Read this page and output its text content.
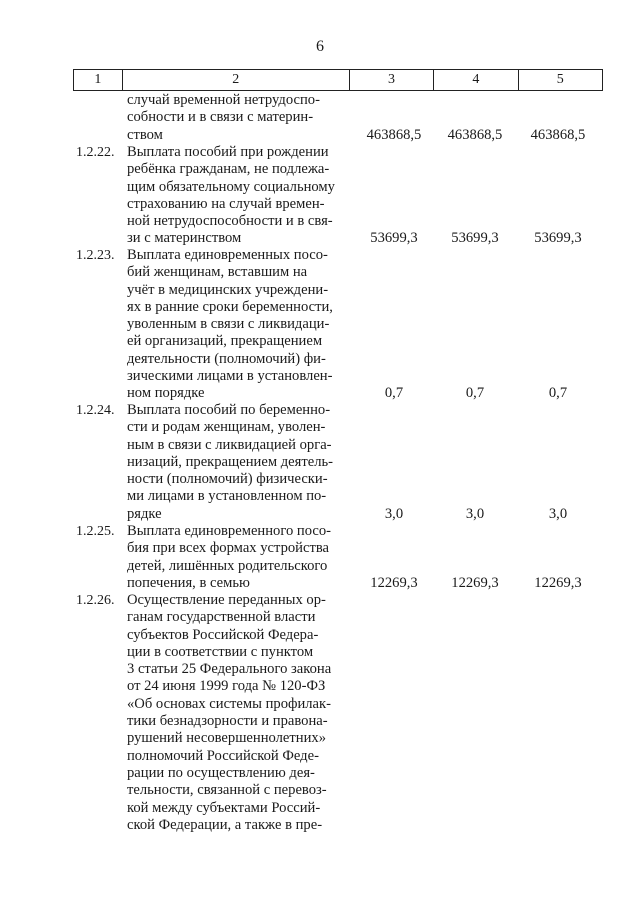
6
1	2	3	4	5
случай временной нетрудоспо-
собности и в связи с материн-
ством	463868,5	463868,5	463868,5
1.2.22. Выплата пособий при рождении
ребёнка гражданам, не подлежа-
щим обязательному социальному
страхованию на случай времен-
ной нетрудоспособности и в свя-
зи с материнством	53699,3	53699,3	53699,3
1.2.23. Выплата единовременных посо-
бий женщинам, вставшим на
учёт в медицинских учреждени-
ях в ранние сроки беременности,
уволенным в связи с ликвидаци-
ей организаций, прекращением
деятельности (полномочий) фи-
зическими лицами в установлен-
ном порядке	0,7	0,7	0,7
1.2.24. Выплата пособий по беременно-
сти и родам женщинам, уволен-
ным в связи с ликвидацией орга-
низаций, прекращением деятель-
ности (полномочий) физически-
ми лицами в установленном по-
рядке	3,0	3,0	3,0
1.2.25. Выплата единовременного посо-
бия при всех формах устройства
детей, лишённых родительского
попечения, в семью	12269,3	12269,3	12269,3
1.2.26. Осуществление переданных ор-
ганам государственной власти
субъектов Российской Федера-
ции в соответствии с пунктом
3 статьи 25 Федерального закона
от 24 июня 1999 года № 120-ФЗ
«Об основах системы профилак-
тики безнадзорности и правона-
рушений несовершеннолетних»
полномочий Российской Феде-
рации по осуществлению дея-
тельности, связанной с перевоз-
кой между субъектами Россий-
ской Федерации, а также в пре-
